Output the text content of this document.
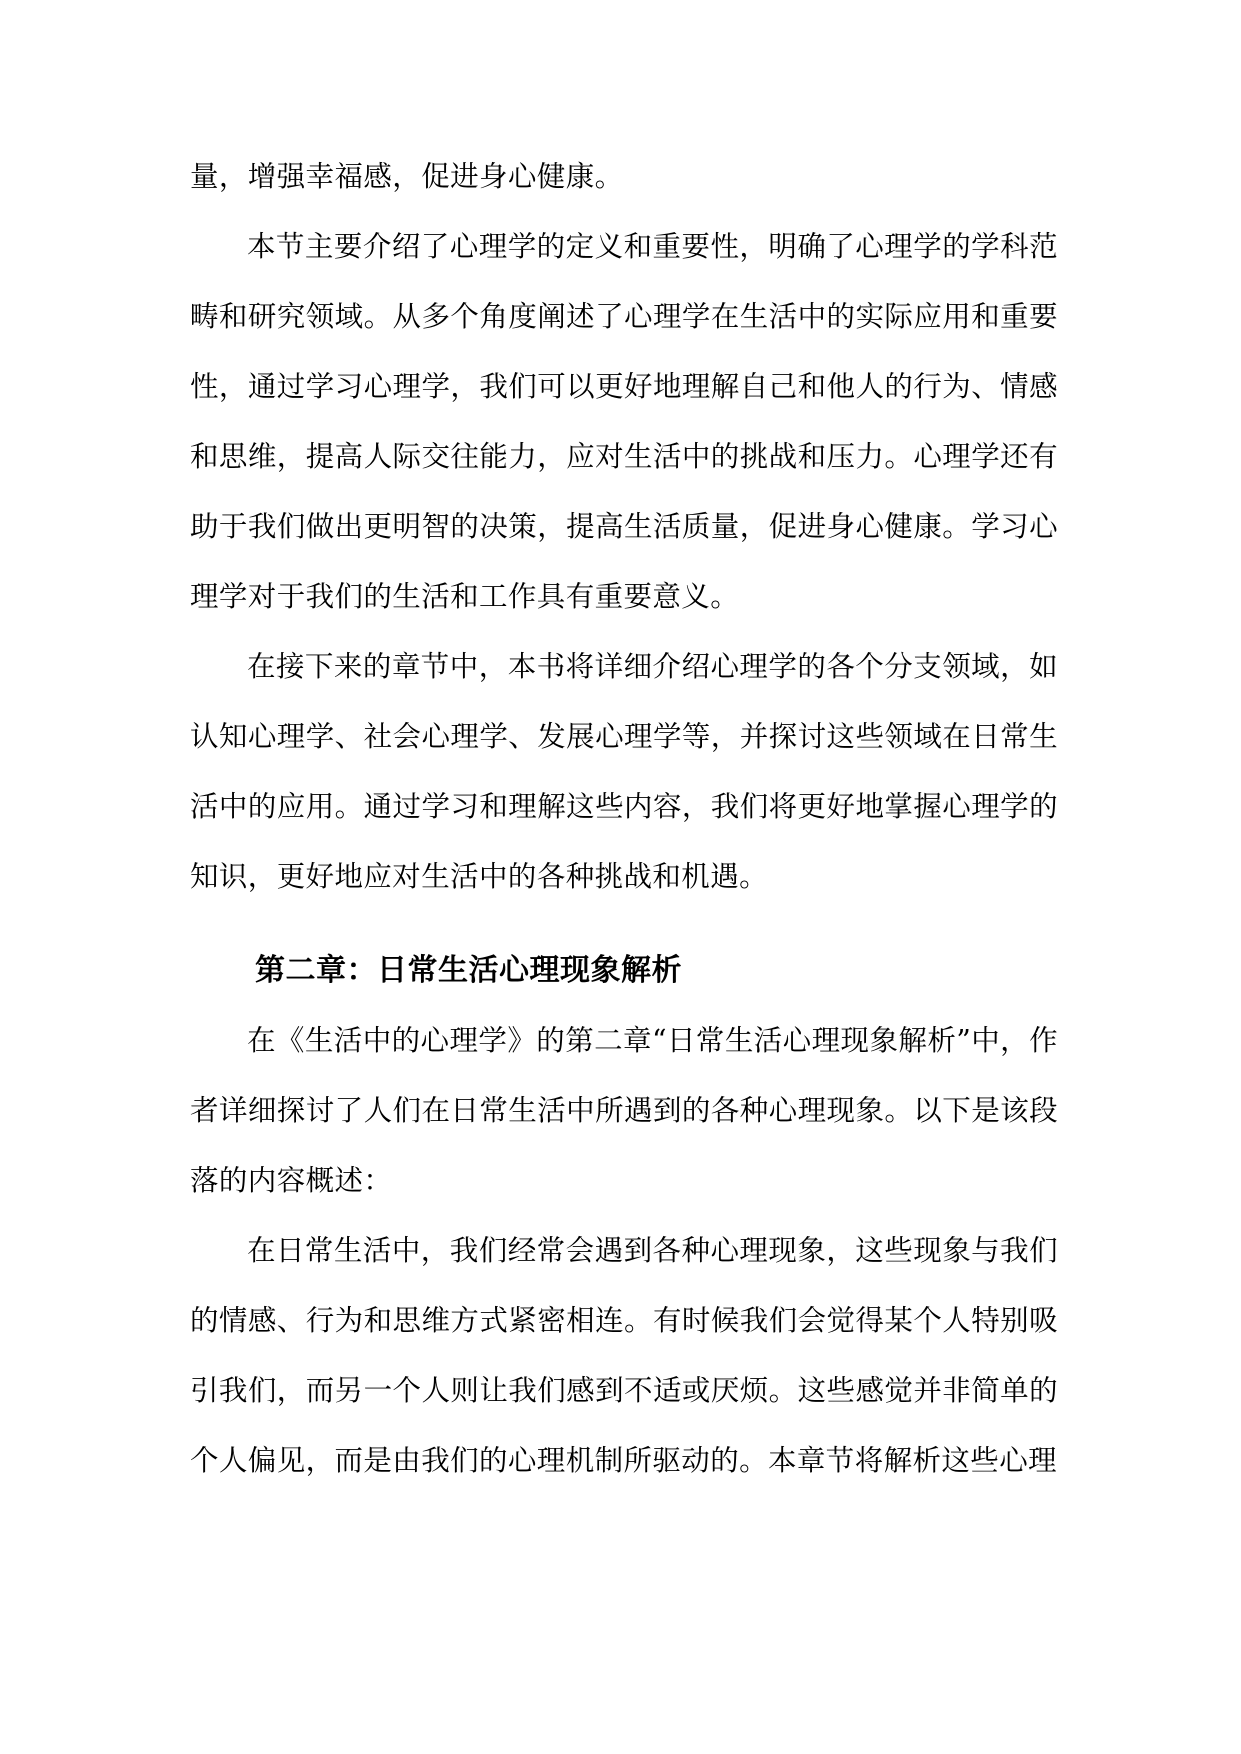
量，增强幸福感，促进身心健康。

本节主要介绍了心理学的定义和重要性，明确了心理学的学科范畴和研究领域。从多个角度阐述了心理学在生活中的实际应用和重要性，通过学习心理学，我们可以更好地理解自己和他人的行为、情感和思维，提高人际交往能力，应对生活中的挑战和压力。心理学还有助于我们做出更明智的决策，提高生活质量，促进身心健康。学习心理学对于我们的生活和工作具有重要意义。

在接下来的章节中，本书将详细介绍心理学的各个分支领域，如认知心理学、社会心理学、发展心理学等，并探讨这些领域在日常生活中的应用。通过学习和理解这些内容，我们将更好地掌握心理学的知识，更好地应对生活中的各种挑战和机遇。

第二章：日常生活心理现象解析

在《生活中的心理学》的第二章“日常生活心理现象解析”中，作者详细探讨了人们在日常生活中所遇到的各种心理现象。以下是该段落的内容概述：

在日常生活中，我们经常会遇到各种心理现象，这些现象与我们的情感、行为和思维方式紧密相连。有时候我们会觉得某个人特别吸引我们，而另一个人则让我们感到不适或厌烦。这些感觉并非简单的个人偏见，而是由我们的心理机制所驱动的。本章节将解析这些心理
